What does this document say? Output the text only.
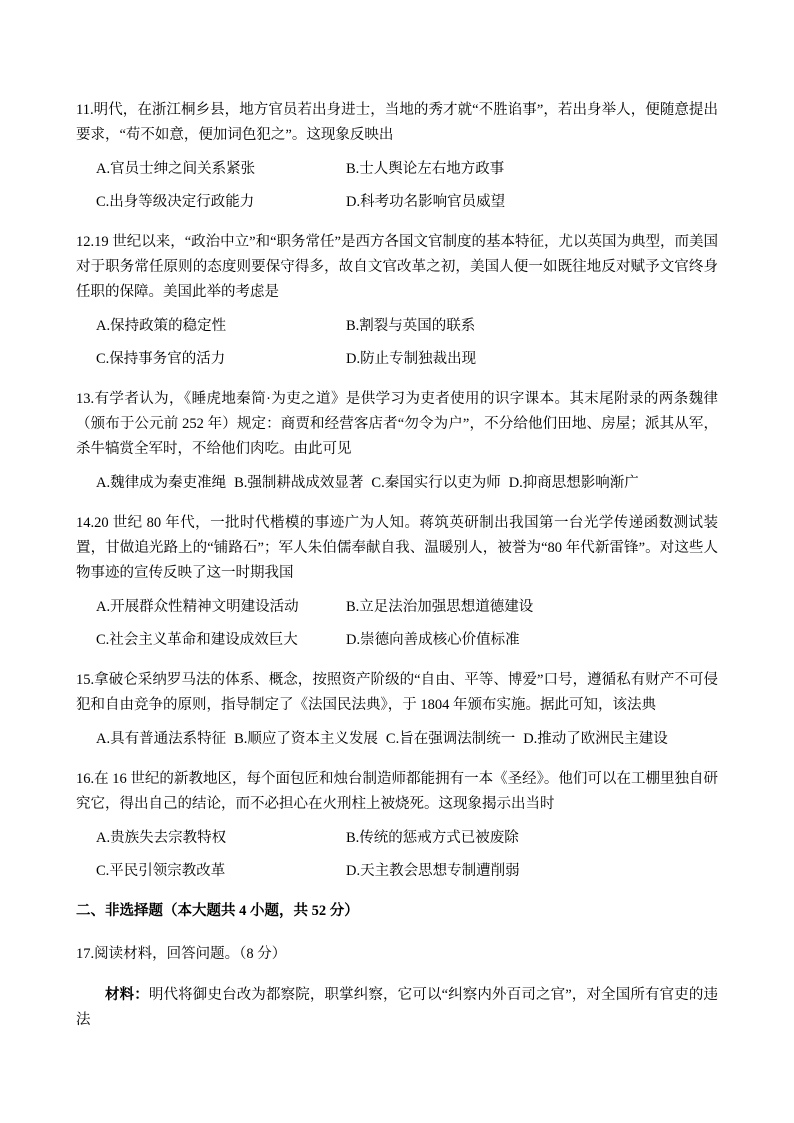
11.明代，在浙江桐乡县，地方官员若出身进士，当地的秀才就“不胜谄事”，若出身举人，便随意提出要求，“苟不如意，便加词色犯之”。这现象反映出

A.官员士绅之间关系紧张	B.士人舆论左右地方政事
C.出身等级决定行政能力	D.科考功名影响官员威望

12.19 世纪以来，“政治中立”和“职务常任”是西方各国文官制度的基本特征，尤以英国为典型，而美国对于职务常任原则的态度则要保守得多，故自文官改革之初，美国人便一如既往地反对赋予文官终身任职的保障。美国此举的考虑是

A.保持政策的稳定性	B.割裂与英国的联系
C.保持事务官的活力	D.防止专制独裁出现

13.有学者认为，《睡虎地秦简·为吏之道》是供学习为吏者使用的识字课本。其末尾附录的两条魏律（颁布于公元前 252 年）规定：商贾和经营客店者“勿令为户”，不分给他们田地、房屋；派其从军，杀牛犒赏全军时，不给他们肉吃。由此可见

A.魏律成为秦吏准绳 B.强制耕战成效显著 C.秦国实行以吏为师 D.抑商思想影响渐广

14.20 世纪 80 年代，一批时代楷模的事迹广为人知。蒋筑英研制出我国第一台光学传递函数测试装置，甘做追光路上的“铺路石”；军人朱伯儒奉献自我、温暖别人，被誉为“80 年代新雷锋”。对这些人物事迹的宣传反映了这一时期我国

A.开展群众性精神文明建设活动	B.立足法治加强思想道德建设
C.社会主义革命和建设成效巨大	D.崇德向善成核心价值标准

15.拿破仑采纳罗马法的体系、概念，按照资产阶级的“自由、平等、博爱”口号，遵循私有财产不可侵犯和自由竞争的原则，指导制定了《法国民法典》，于 1804 年颁布实施。据此可知，该法典

A.具有普通法系特征 B.顺应了资本主义发展 C.旨在强调法制统一 D.推动了欧洲民主建设

16.在 16 世纪的新教地区，每个面包匠和烛台制造师都能拥有一本《圣经》。他们可以在工棚里独自研究它，得出自己的结论，而不必担心在火刑柱上被烧死。这现象揭示出当时

A.贵族失去宗教特权	B.传统的惩戒方式已被废除
C.平民引领宗教改革	D.天主教会思想专制遭削弱

二、非选择题（本大题共 4 小题，共 52 分）

17.阅读材料，回答问题。（8 分）

材料：明代将御史台改为都察院，职掌纠察，它可以“纠察内外百司之官”，对全国所有官吏的违法
